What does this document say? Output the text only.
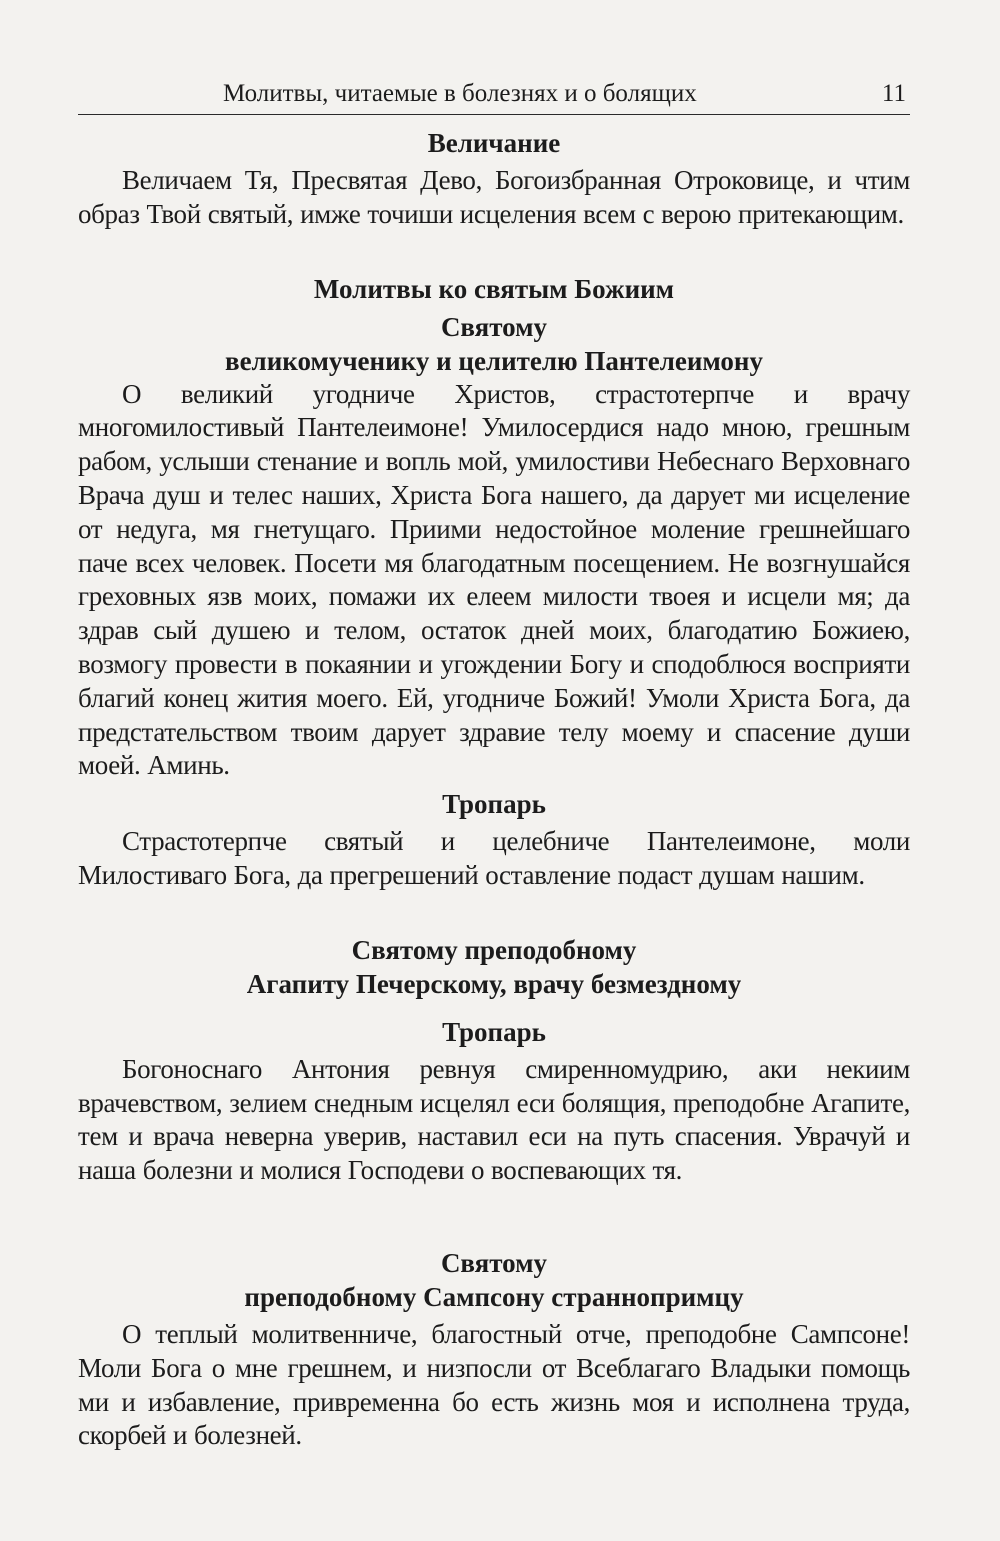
Молитвы, читаемые в болезнях и о болящих	11
Величание

Величаем Тя, Пресвятая Дево, Богоизбранная Отроковице, и чтим образ Твой святый, имже точиши исцеления всем с верою притекающим.

Молитвы ко святым Божиим
Святому
великомученику и целителю Пантелеимону

О великий угодниче Христов, страстотерпче и врачу многомилостивый Пантелеимоне! Умилосердися надо мною, грешным рабом, услыши стенание и вопль мой, умилостиви Небеснаго Верховнаго Врача душ и телес наших, Христа Бога нашего, да дарует ми исцеление от недуга, мя гнетущаго. Приими недостойное моление грешнейшаго паче всех человек. Посети мя благодатным посещением. Не возгнушайся греховных язв моих, помажи их елеем милости твоея и исцели мя; да здрав сый душею и телом, остаток дней моих, благодатию Божиею, возмогу провести в покаянии и угождении Богу и сподоблюся восприяти благий конец жития моего. Ей, угодниче Божий! Умоли Христа Бога, да предстательством твоим дарует здравие телу моему и спасение души моей. Аминь.

Тропарь

Страстотерпче святый и целебниче Пантелеимоне, моли Милостиваго Бога, да прегрешений оставление подаст душам нашим.

Святому преподобному
Агапиту Печерскому, врачу безмездному
Тропарь

Богоноснаго Антония ревнуя смиренномудрию, аки некиим врачевством, зелием снедным исцелял еси болящия, преподобне Агапите, тем и врача неверна уверив, наставил еси на путь спасения. Уврачуй и наша болезни и молися Господеви о воспевающих тя.

Святому
преподобному Сампсону страннопримцу

О теплый молитвенниче, благостный отче, преподобне Сампсоне! Моли Бога о мне грешнем, и низпосли от Всеблагаго Владыки помощь ми и избавление, привременна бо есть жизнь моя и исполнена труда, скорбей и болезней.
